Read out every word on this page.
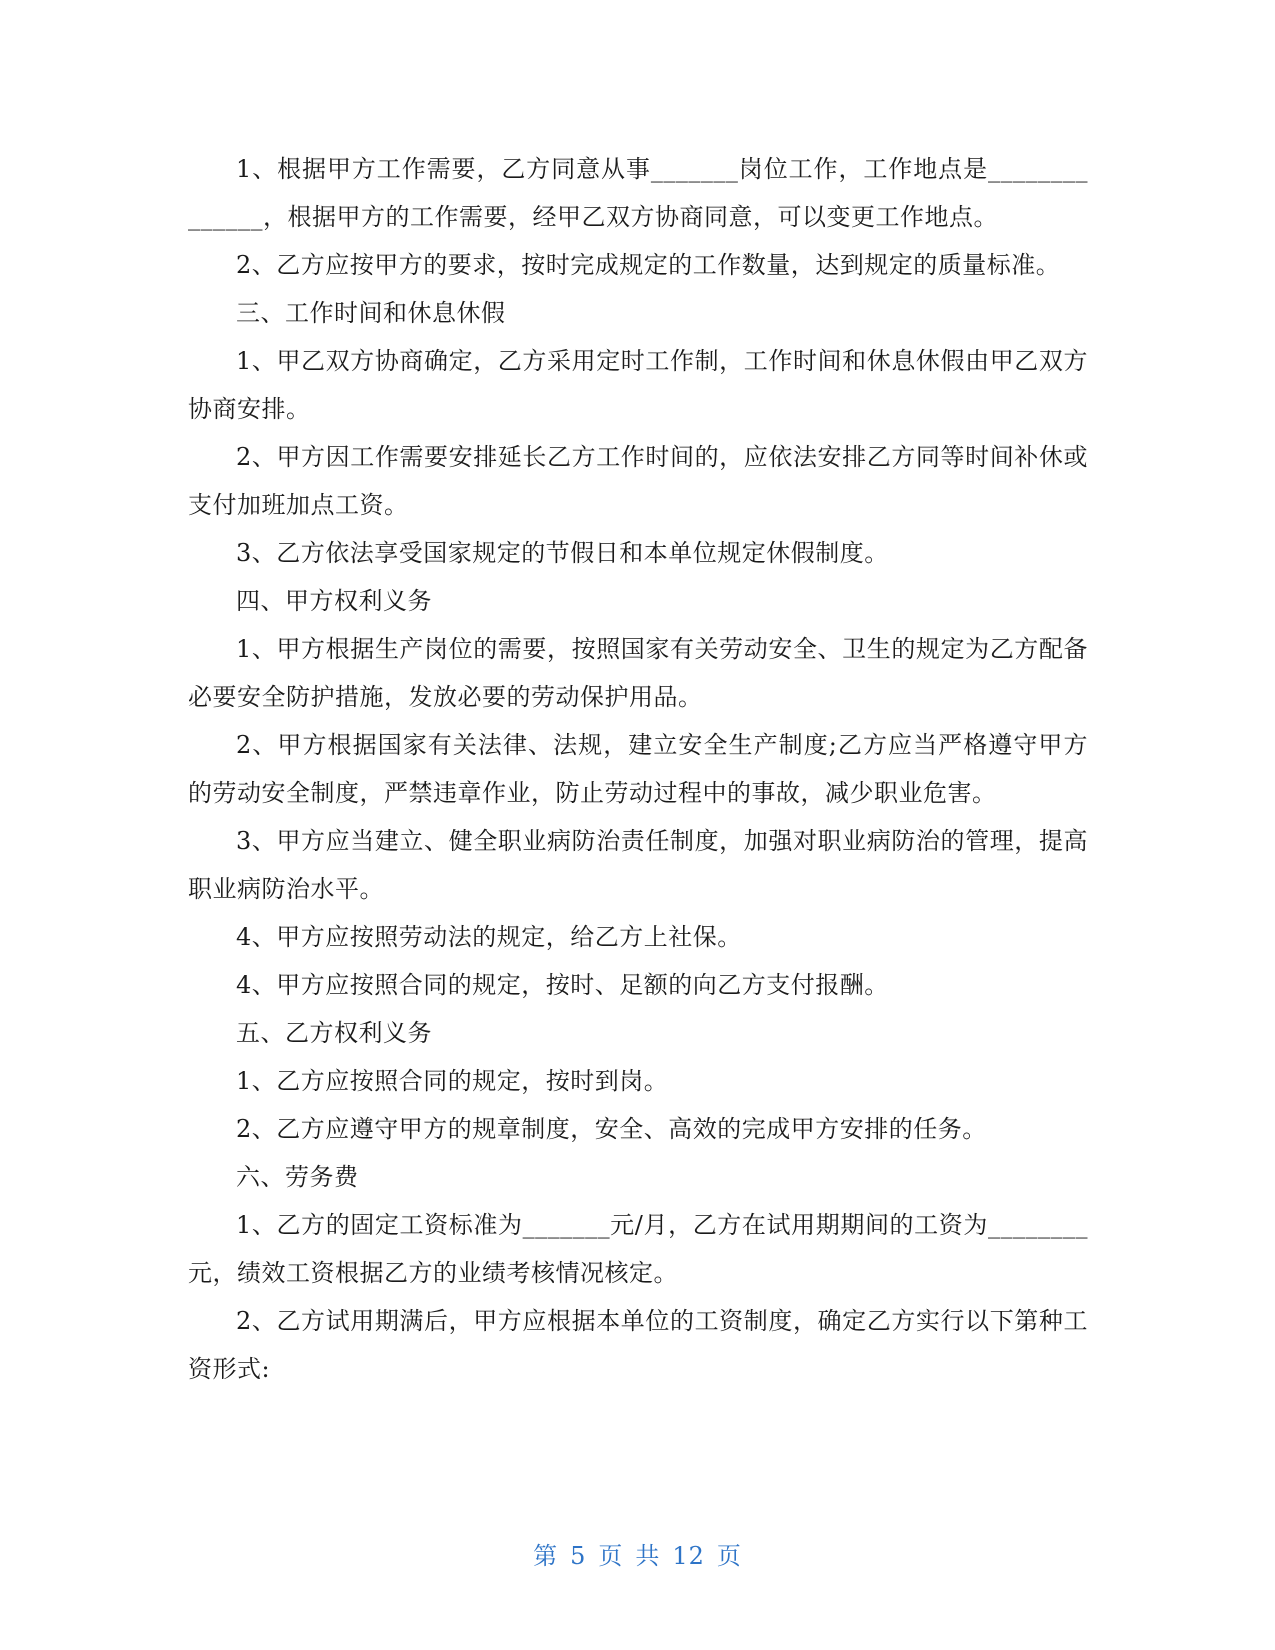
1、根据甲方工作需要，乙方同意从事_______岗位工作，工作地点是______________，根据甲方的工作需要，经甲乙双方协商同意，可以变更工作地点。

2、乙方应按甲方的要求，按时完成规定的工作数量，达到规定的质量标准。

三、工作时间和休息休假

1、甲乙双方协商确定，乙方采用定时工作制，工作时间和休息休假由甲乙双方协商安排。

2、甲方因工作需要安排延长乙方工作时间的，应依法安排乙方同等时间补休或支付加班加点工资。

3、乙方依法享受国家规定的节假日和本单位规定休假制度。

四、甲方权利义务

1、甲方根据生产岗位的需要，按照国家有关劳动安全、卫生的规定为乙方配备必要安全防护措施，发放必要的劳动保护用品。

2、甲方根据国家有关法律、法规，建立安全生产制度;乙方应当严格遵守甲方的劳动安全制度，严禁违章作业，防止劳动过程中的事故，减少职业危害。

3、甲方应当建立、健全职业病防治责任制度，加强对职业病防治的管理，提高职业病防治水平。

4、甲方应按照劳动法的规定，给乙方上社保。

4、甲方应按照合同的规定，按时、足额的向乙方支付报酬。

五、乙方权利义务

1、乙方应按照合同的规定，按时到岗。

2、乙方应遵守甲方的规章制度，安全、高效的完成甲方安排的任务。

六、劳务费

1、乙方的固定工资标准为_______元/月，乙方在试用期期间的工资为________元，绩效工资根据乙方的业绩考核情况核定。

2、乙方试用期满后，甲方应根据本单位的工资制度，确定乙方实行以下第种工资形式:

第 5 页 共 12 页
